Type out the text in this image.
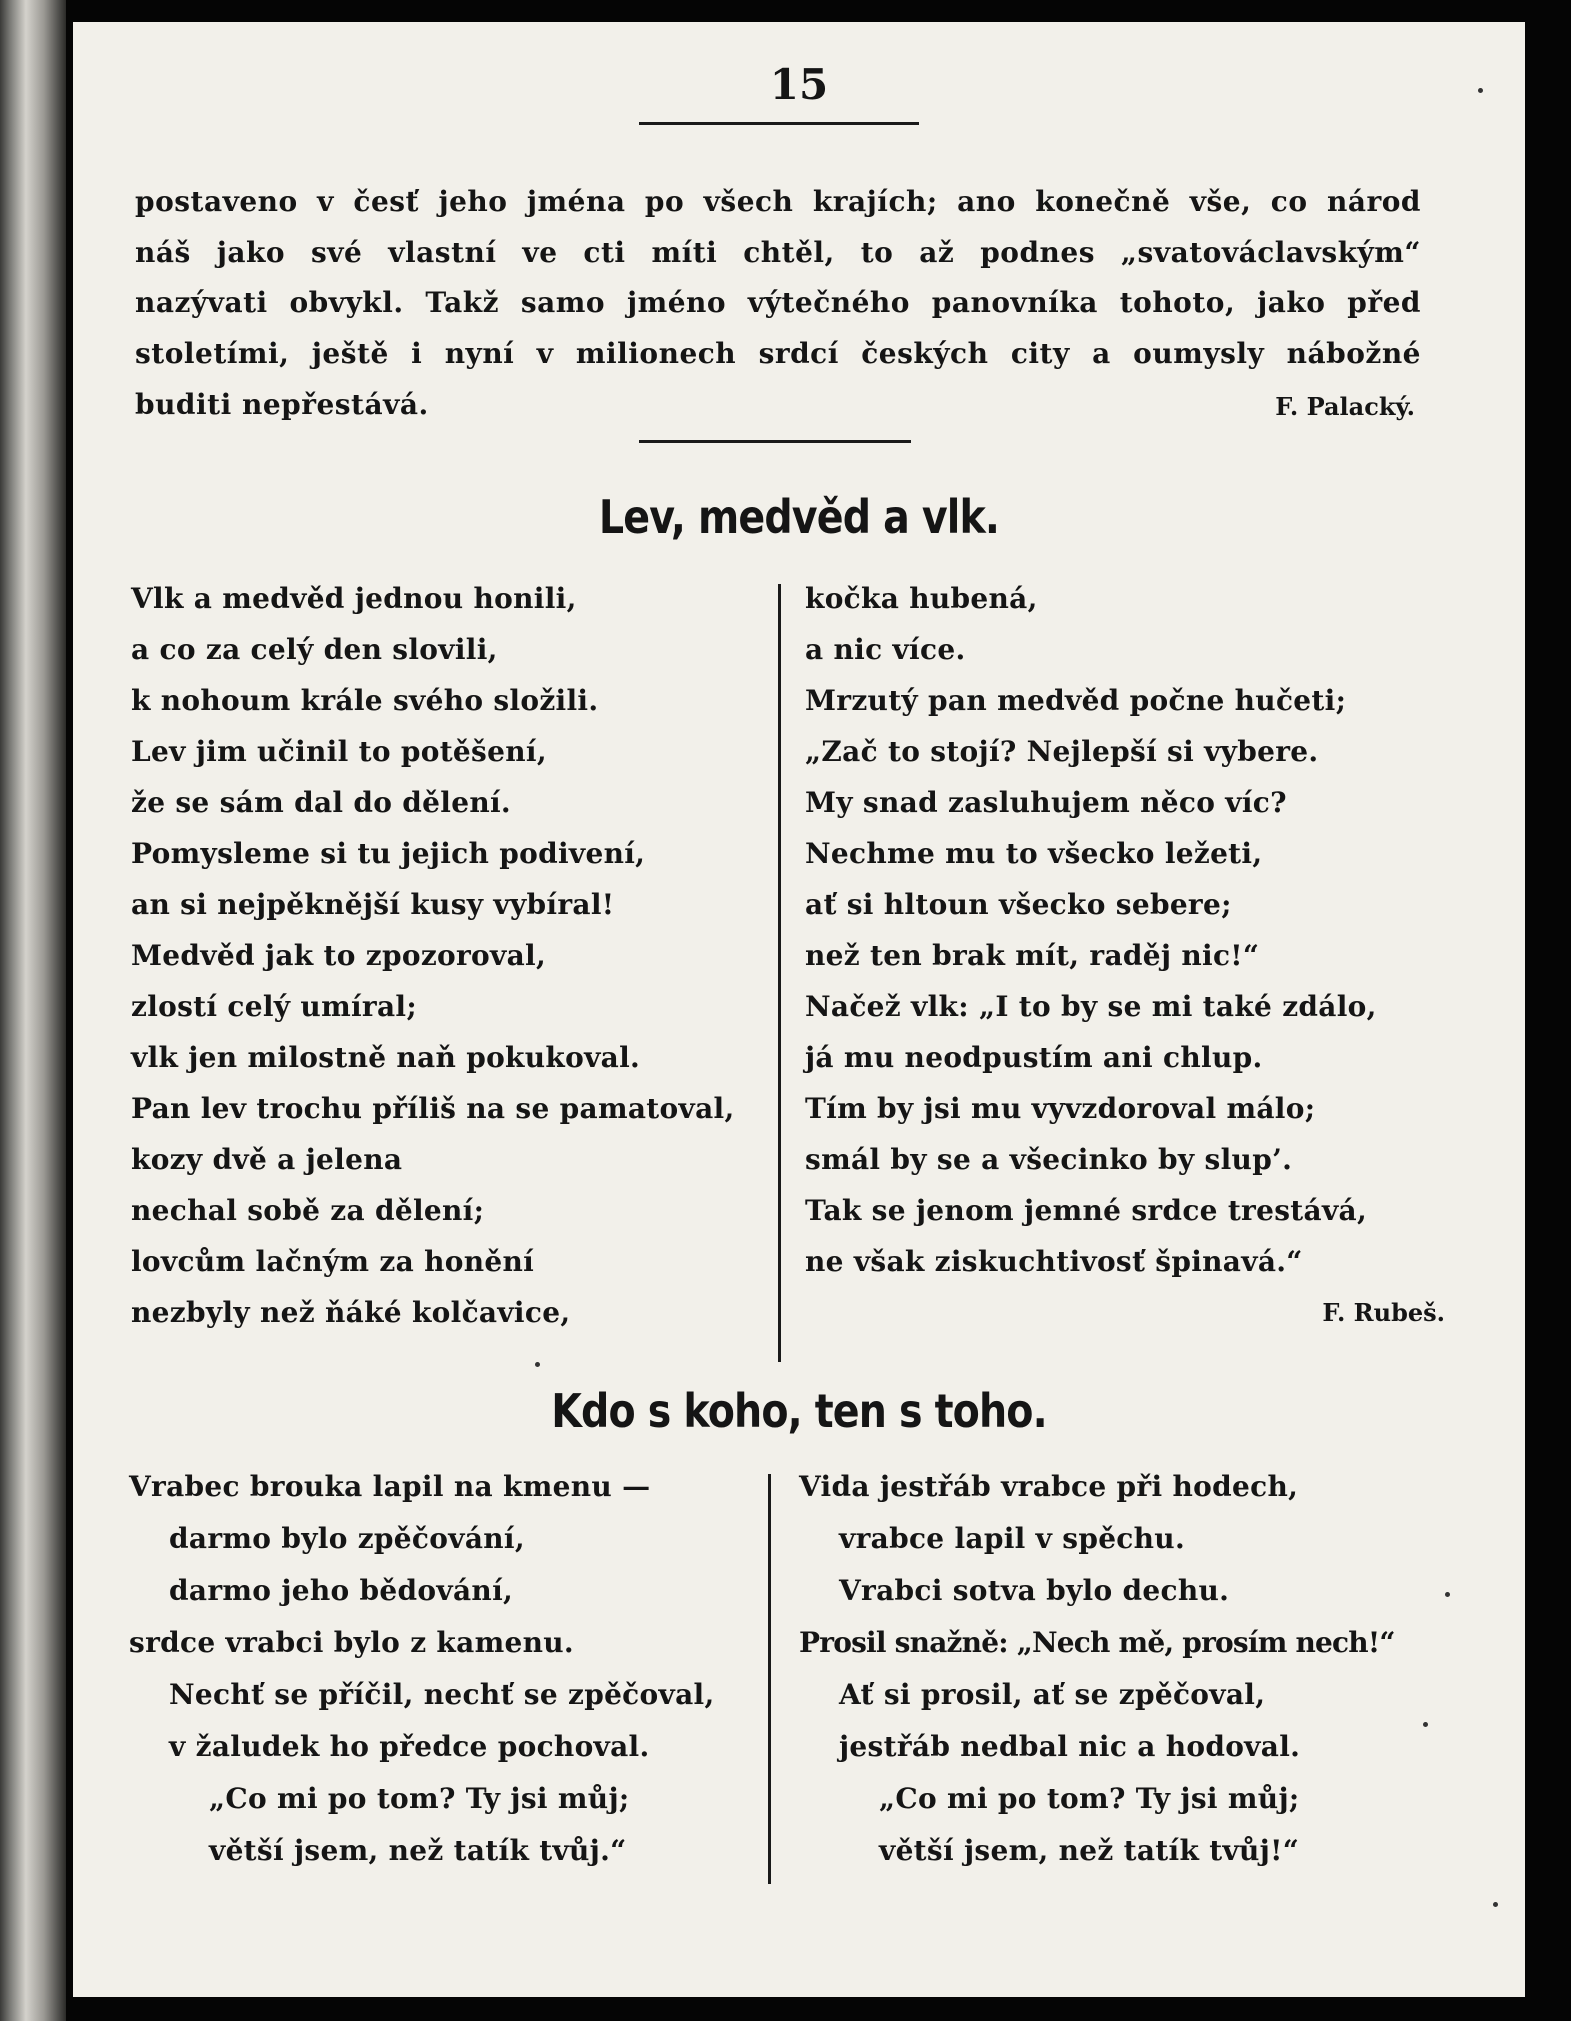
15
postaveno v česť jeho jména po všech krajích; ano konečně vše, co národ
náš jako své vlastní ve cti míti chtěl, to až podnes „svatováclavským“
nazývati obvykl. Takž samo jméno výtečného panovníka tohoto, jako před
stoletími, ještě i nyní v milionech srdcí českých city a oumysly nábožné
buditi nepřestává.	F. Palacký.
Lev, medvěd a vlk.
Vlk a medvěd jednou honili,
a co za celý den slovili,
k nohoum krále svého složili.
Lev jim učinil to potěšení,
že se sám dal do dělení.
Pomysleme si tu jejich podivení,
an si nejpěknější kusy vybíral!
Medvěd jak to zpozoroval,
zlostí celý umíral;
vlk jen milostně naň pokukoval.
Pan lev trochu příliš na se pamatoval,
kozy dvě a jelena
nechal sobě za dělení;
lovcům lačným za honění
nezbyly než ňáké kolčavice,
kočka hubená,
a nic více.
Mrzutý pan medvěd počne hučeti;
„Zač to stojí? Nejlepší si vybere.
My snad zasluhujem něco víc?
Nechme mu to všecko ležeti,
ať si hltoun všecko sebere;
než ten brak mít, raděj nic!“
Načež vlk: „I to by se mi také zdálo,
já mu neodpustím ani chlup.
Tím by jsi mu vyvzdoroval málo;
smál by se a všecinko by slup’.
Tak se jenom jemné srdce trestává,
ne však ziskuchtivosť špinavá.“
F. Rubeš.
Kdo s koho, ten s toho.
Vrabec brouka lapil na kmenu —
darmo bylo zpěčování,
darmo jeho bědování,
srdce vrabci bylo z kamenu.
Nechť se příčil, nechť se zpěčoval,
v žaludek ho předce pochoval.
„Co mi po tom? Ty jsi můj;
větší jsem, než tatík tvůj.“
Vida jestřáb vrabce při hodech,
vrabce lapil v spěchu.
Vrabci sotva bylo dechu.
Prosil snažně: „Nech mě, prosím nech!“
Ať si prosil, ať se zpěčoval,
jestřáb nedbal nic a hodoval.
„Co mi po tom? Ty jsi můj;
větší jsem, než tatík tvůj!“
